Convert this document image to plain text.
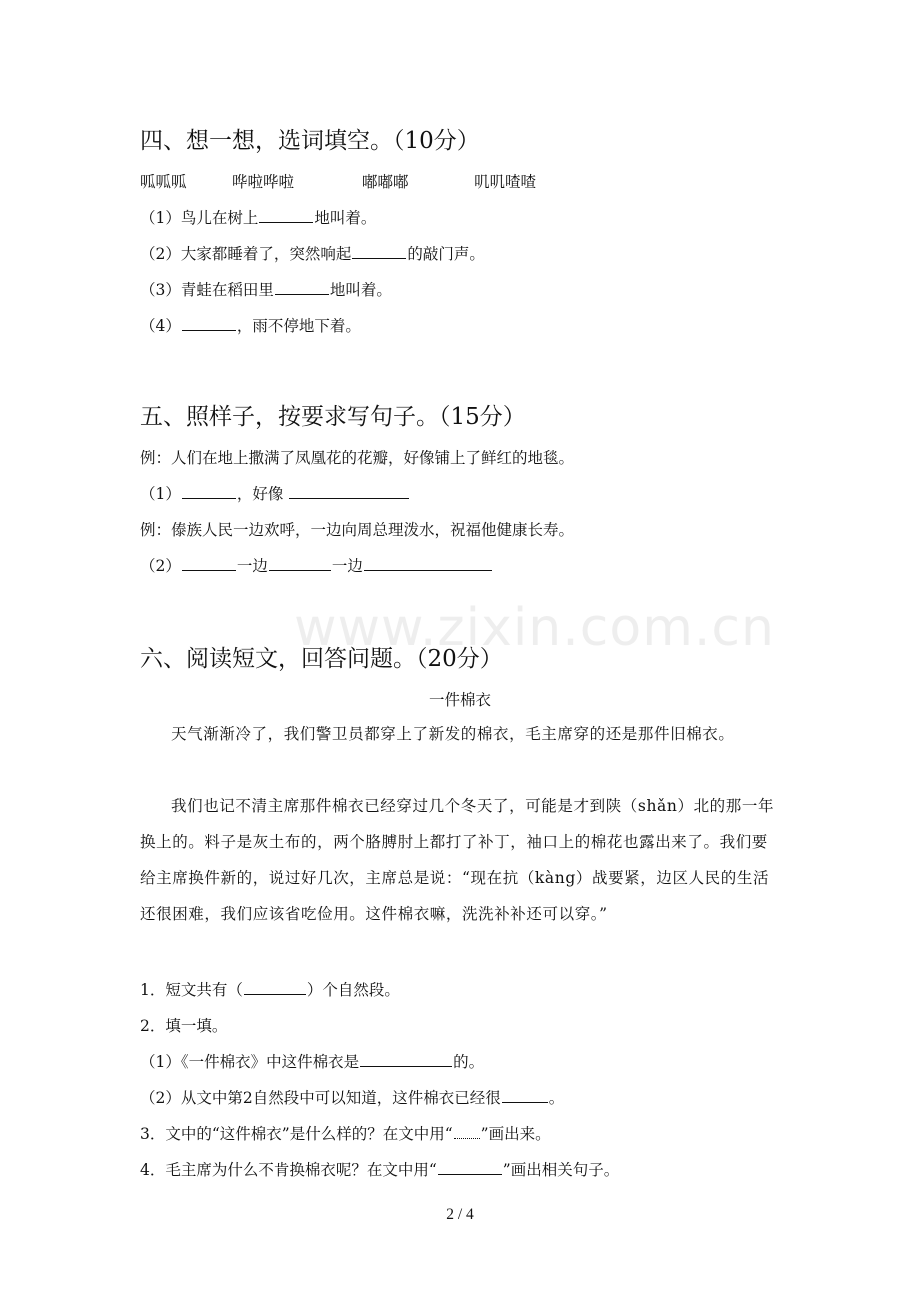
四、想一想，选词填空。（10分）
呱呱呱	哗啦哗啦	嘟嘟嘟	叽叽喳喳
（1）鸟儿在树上	地叫着。
（2）大家都睡着了，突然响起	的敲门声。
（3）青蛙在稻田里	地叫着。
（4）	，雨不停地下着。
五、照样子，按要求写句子。（15分）
例：人们在地上撒满了凤凰花的花瓣，好像铺上了鲜红的地毯。
（1）	，好像
例：傣族人民一边欢呼，一边向周总理泼水，祝福他健康长寿。
（2）	一边	一边
www.zixin.com.cn
六、阅读短文，回答问题。（20分）
一件棉衣
天气渐渐冷了，我们警卫员都穿上了新发的棉衣，毛主席穿的还是那件旧棉衣。
我们也记不清主席那件棉衣已经穿过几个冬天了，可能是才到陕（shǎn）北的那一年换上的。料子是灰土布的，两个胳膊肘上都打了补丁，袖口上的棉花也露出来了。我们要给主席换件新的，说过好几次，主席总是说：“现在抗（kàng）战要紧，边区人民的生活还很困难，我们应该省吃俭用。这件棉衣嘛，洗洗补补还可以穿。”
1．短文共有（	）个自然段。
2．填一填。
（1）《一件棉衣》中这件棉衣是	的。
（2）从文中第2自然段中可以知道，这件棉衣已经很	。
3．文中的“这件棉衣”是什么样的？在文中用“ ”画出来。
4．毛主席为什么不肯换棉衣呢？在文中用“	”画出相关句子。
2 / 4
